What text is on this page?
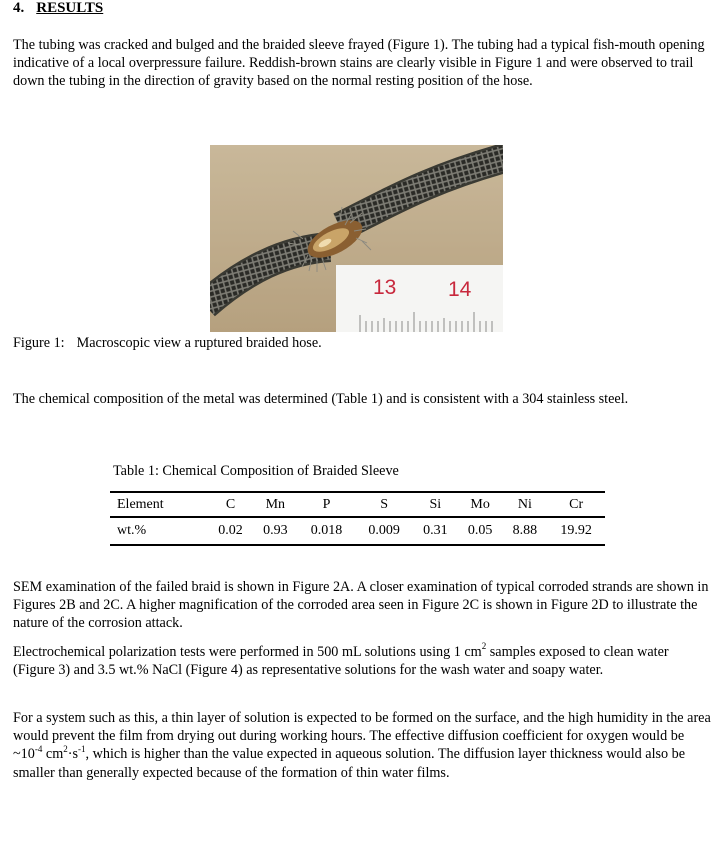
4. RESULTS
The tubing was cracked and bulged and the braided sleeve frayed (Figure 1). The tubing had a typical fish-mouth opening indicative of a local overpressure failure. Reddish-brown stains are clearly visible in Figure 1 and were observed to trail down the tubing in the direction of gravity based on the normal resting position of the hose.
13 14
Figure 1: Macroscopic view a ruptured braided hose.
The chemical composition of the metal was determined (Table 1) and is consistent with a 304 stainless steel.
Table 1: Chemical Composition of Braided Sleeve
Element	C	Mn	P	S	Si	Mo	Ni	Cr
wt.%	0.02	0.93	0.018	0.009	0.31	0.05	8.88	19.92
SEM examination of the failed braid is shown in Figure 2A. A closer examination of typical corroded strands are shown in Figures 2B and 2C. A higher magnification of the corroded area seen in Figure 2C is shown in Figure 2D to illustrate the nature of the corrosion attack.
Electrochemical polarization tests were performed in 500 mL solutions using 1 $cm^2$ samples exposed to clean water (Figure 3) and 3.5 wt.% NaCl (Figure 4) as representative solutions for the wash water and soapy water.
For a system such as this, a thin layer of solution is expected to be formed on the surface, and the high humidity in the area would prevent the film from drying out during working hours. The effective diffusion coefficient for oxygen would be $\sim 10^{-4}$ $cm^2\cdot s^{-1}$, which is higher than the value expected in aqueous solution. The diffusion layer thickness would also be smaller than generally expected because of the formation of thin water films.
